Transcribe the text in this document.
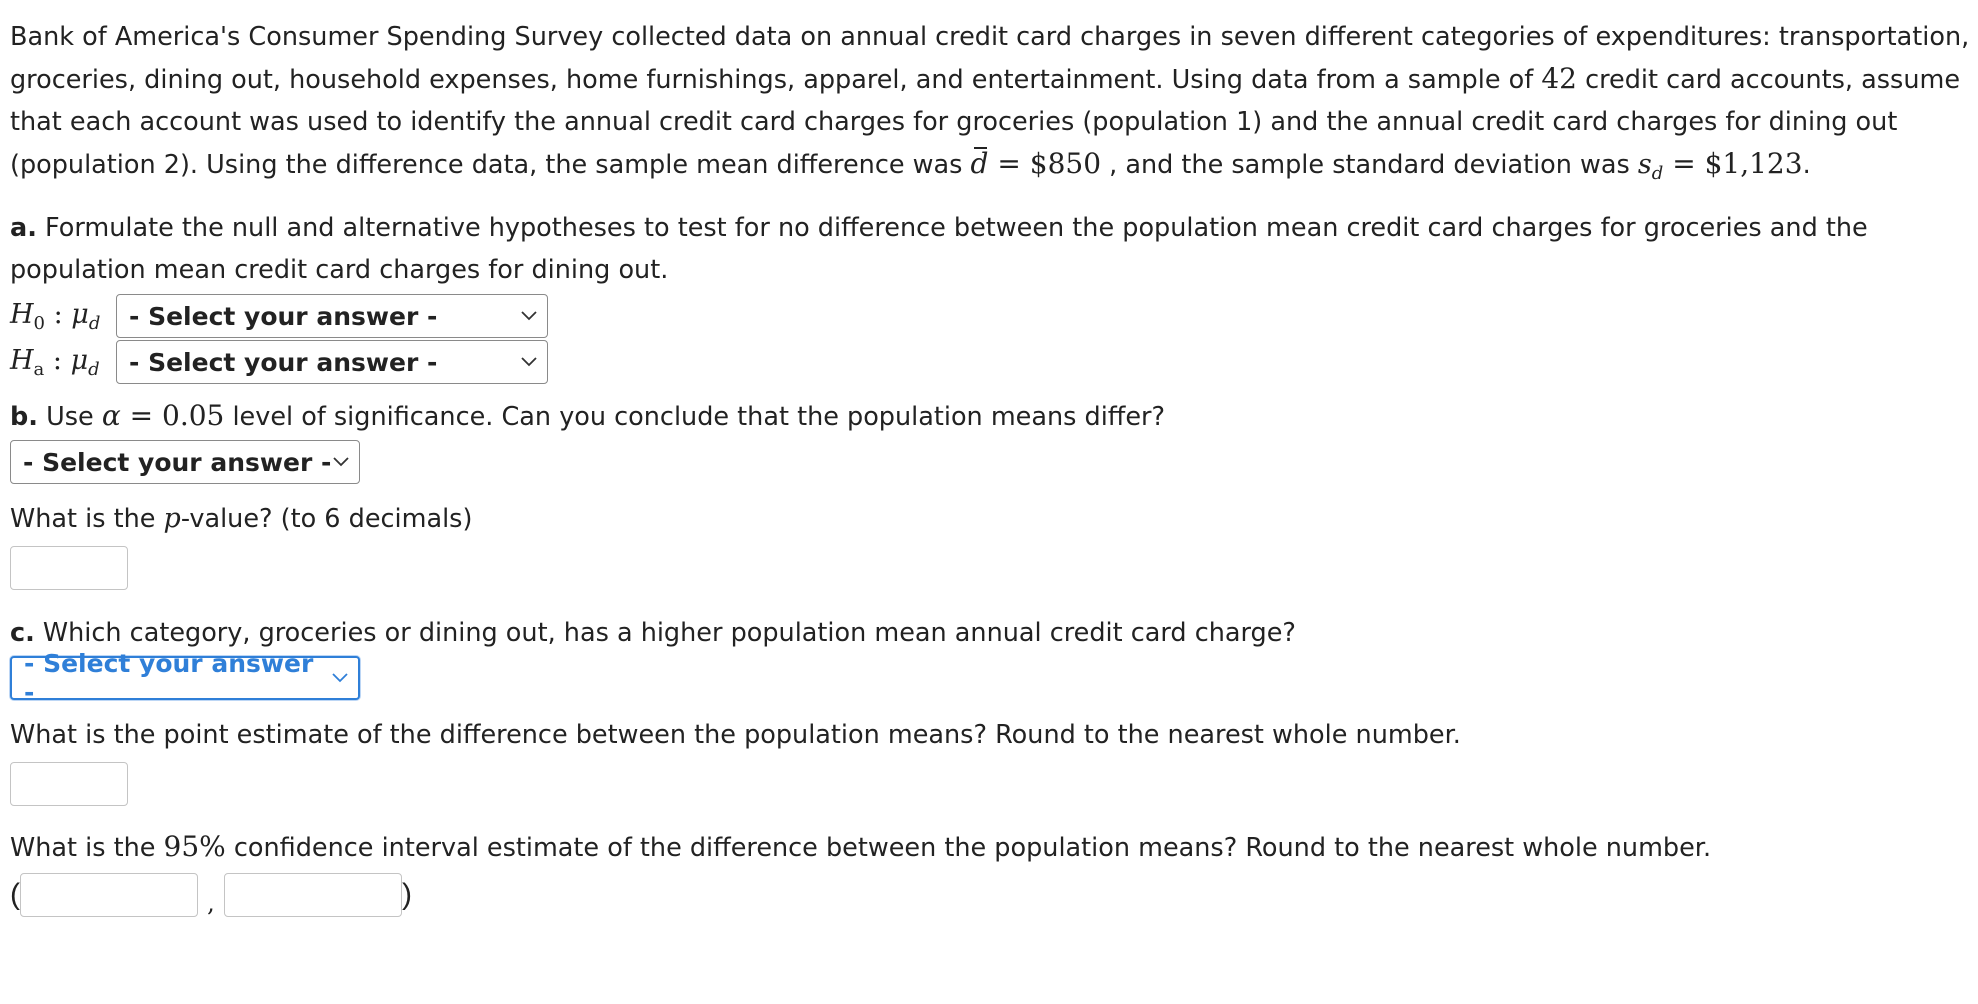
Bank of America's Consumer Spending Survey collected data on annual credit card charges in seven different categories of expenditures: transportation, groceries, dining out, household expenses, home furnishings, apparel, and entertainment. Using data from a sample of 42 credit card accounts, assume that each account was used to identify the annual credit card charges for groceries (population 1) and the annual credit card charges for dining out (population 2). Using the difference data, the sample mean difference was d = $850 , and the sample standard deviation was $s_d$ = $1,123.

a. Formulate the null and alternative hypotheses to test for no difference between the population mean credit card charges for groceries and the population mean credit card charges for dining out.

$H_0$ : $\mu_d$	- Select your answer -
$H_a$ : $\mu_d$	- Select your answer -

b. Use α = 0.05 level of significance. Can you conclude that the population means differ?

- Select your answer -

What is the p-value? (to 6 decimals)

c. Which category, groceries or dining out, has a higher population mean annual credit card charge?

- Select your answer -

What is the point estimate of the difference between the population means? Round to the nearest whole number.

What is the 95% confidence interval estimate of the difference between the population means? Round to the nearest whole number.

(	,	)
